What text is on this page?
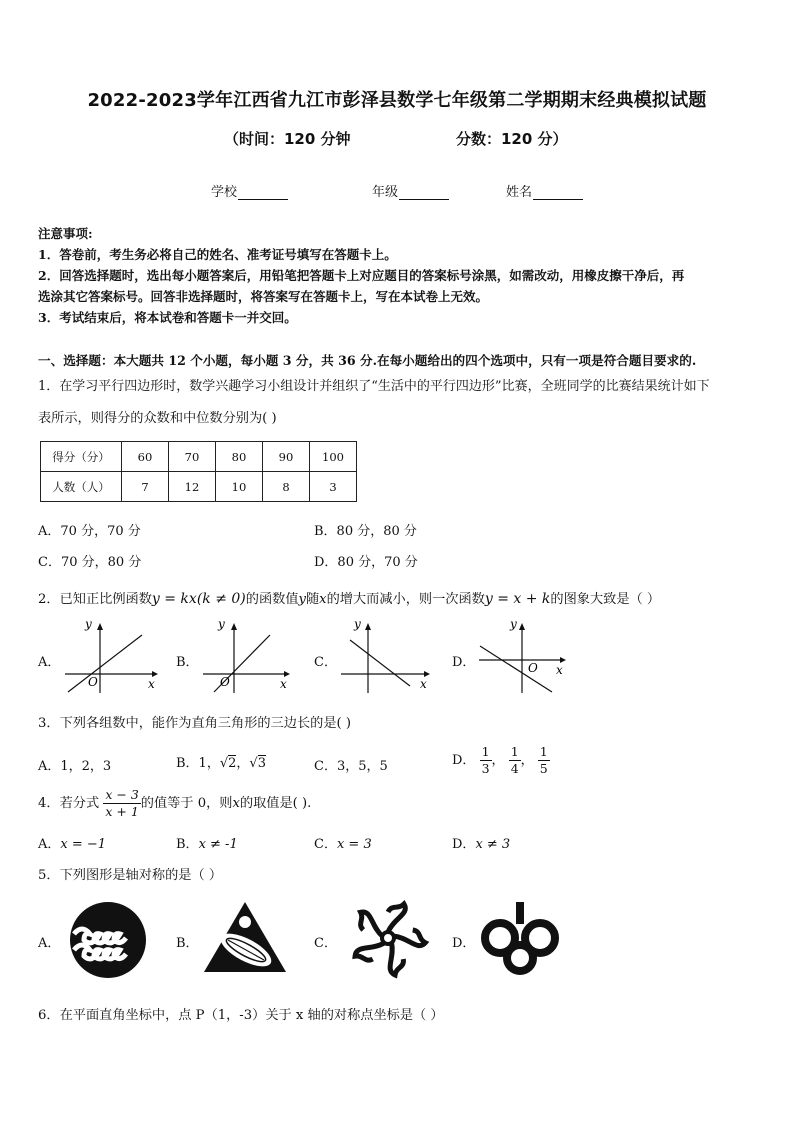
2022-2023学年江西省九江市彭泽县数学七年级第二学期期末经典模拟试题
（时间：120 分钟	分数：120 分）
学校	年级	姓名
注意事项:
1．答卷前，考生务必将自己的姓名、准考证号填写在答题卡上。
2．回答选择题时，选出每小题答案后，用铅笔把答题卡上对应题目的答案标号涂黑，如需改动，用橡皮擦干净后，再
选涂其它答案标号。回答非选择题时，将答案写在答题卡上，写在本试卷上无效。
3．考试结束后，将本试卷和答题卡一并交回。
一、选择题：本大题共 12 个小题，每小题 3 分，共 36 分.在每小题给出的四个选项中，只有一项是符合题目要求的.
1．在学习平行四边形时，数学兴趣学习小组设计并组织了“生活中的平行四边形”比赛，全班同学的比赛结果统计如下
表所示，则得分的众数和中位数分别为( )
得分（分）	60	70	80	90	100
人数（人）	7	12	10	8	3
A．70 分，70 分	B．80 分，80 分
C．70 分，80 分	D．80 分，70 分
2．已知正比例函数y = kx(k ≠ 0)的函数值y随x的增大而减小，则一次函数y = x + k的图象大致是（ ）
A．	B．	C．	D．
y
x
O
y
x
O
y
x
y
x
O
3．下列各组数中，能作为直角三角形的三边长的是( )
A．1，2，3	B．1，√2，√3	C．3，5，5	D． $\frac{1}{3}$ ， $\frac{1}{4}$ ， $\frac{1}{5}$
4．若分式 $\frac{x - 3}{x + 1}$ 的值等于 0，则x的取值是( ).
A．x = −1	B．x ≠ -1	C．x = 3	D．x ≠ 3
5．下列图形是轴对称的是（ ）
A．	B．	C．	D．
6．在平面直角坐标中，点 P（1，-3）关于 x 轴的对称点坐标是（ ）
